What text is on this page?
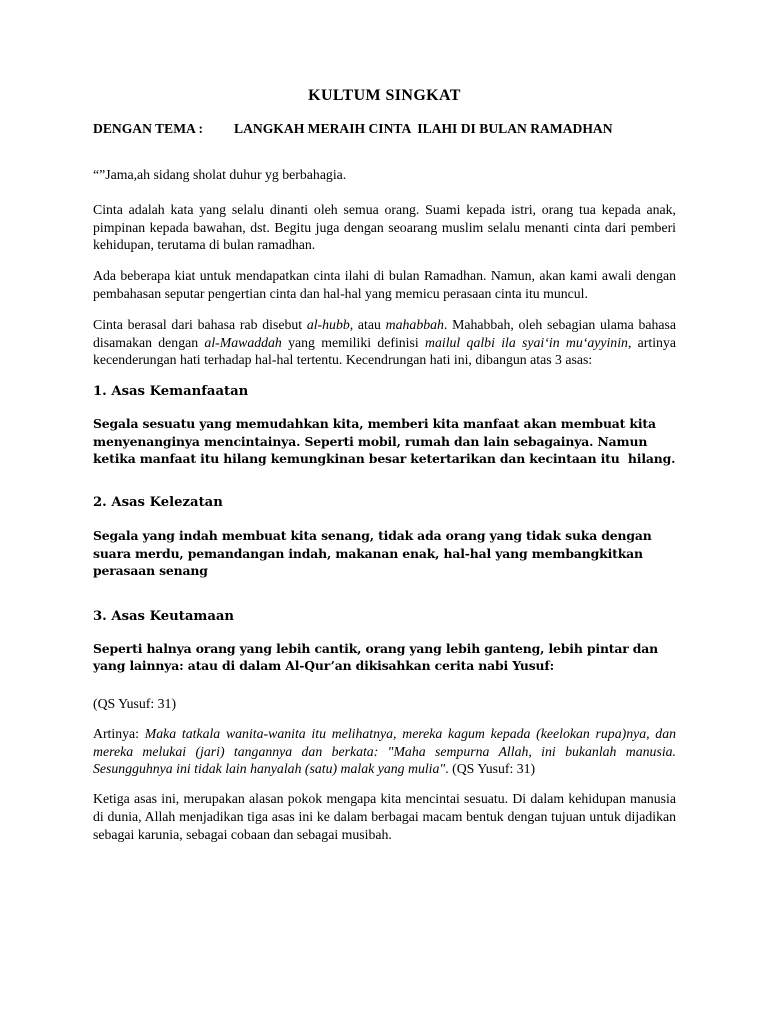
KULTUM SINGKAT
DENGAN TEMA : LANGKAH MERAIH CINTA  ILAHI DI BULAN RAMADHAN

“”Jama,ah sidang sholat duhur yg berbahagia.

Cinta adalah kata yang selalu dinanti oleh semua orang. Suami kepada istri, orang tua kepada anak, pimpinan kepada bawahan, dst. Begitu juga dengan seoarang muslim selalu menanti cinta dari pemberi kehidupan, terutama di bulan ramadhan.

Ada beberapa kiat untuk mendapatkan cinta ilahi di bulan Ramadhan. Namun, akan kami awali dengan pembahasan seputar pengertian cinta dan hal-hal yang memicu perasaan cinta itu muncul.

Cinta berasal dari bahasa rab disebut al-hubb, atau mahabbah. Mahabbah, oleh sebagian ulama bahasa disamakan dengan al-Mawaddah yang memiliki definisi mailul qalbi ila syai‘in mu‘ayyinin, artinya kecenderungan hati terhadap hal-hal tertentu. Kecendrungan hati ini, dibangun atas 3 asas:

1. Asas Kemanfaatan

Segala sesuatu yang memudahkan kita, memberi kita manfaat akan membuat kita menyenanginya mencintainya. Seperti mobil, rumah dan lain sebagainya. Namun ketika manfaat itu hilang kemungkinan besar ketertarikan dan kecintaan itu  hilang.

2. Asas Kelezatan

Segala yang indah membuat kita senang, tidak ada orang yang tidak suka dengan suara merdu, pemandangan indah, makanan enak, hal-hal yang membangkitkan perasaan senang

3. Asas Keutamaan

Seperti halnya orang yang lebih cantik, orang yang lebih ganteng, lebih pintar dan yang lainnya: atau di dalam Al-Qur’an dikisahkan cerita nabi Yusuf:

(QS Yusuf: 31)

Artinya: Maka tatkala wanita-wanita itu melihatnya, mereka kagum kepada (keelokan rupa)nya, dan mereka melukai (jari) tangannya dan berkata: "Maha sempurna Allah, ini bukanlah manusia. Sesungguhnya ini tidak lain hanyalah (satu) malak yang mulia". (QS Yusuf: 31)

Ketiga asas ini, merupakan alasan pokok mengapa kita mencintai sesuatu. Di dalam kehidupan manusia di dunia, Allah menjadikan tiga asas ini ke dalam berbagai macam bentuk dengan tujuan untuk dijadikan sebagai karunia, sebagai cobaan dan sebagai musibah.
